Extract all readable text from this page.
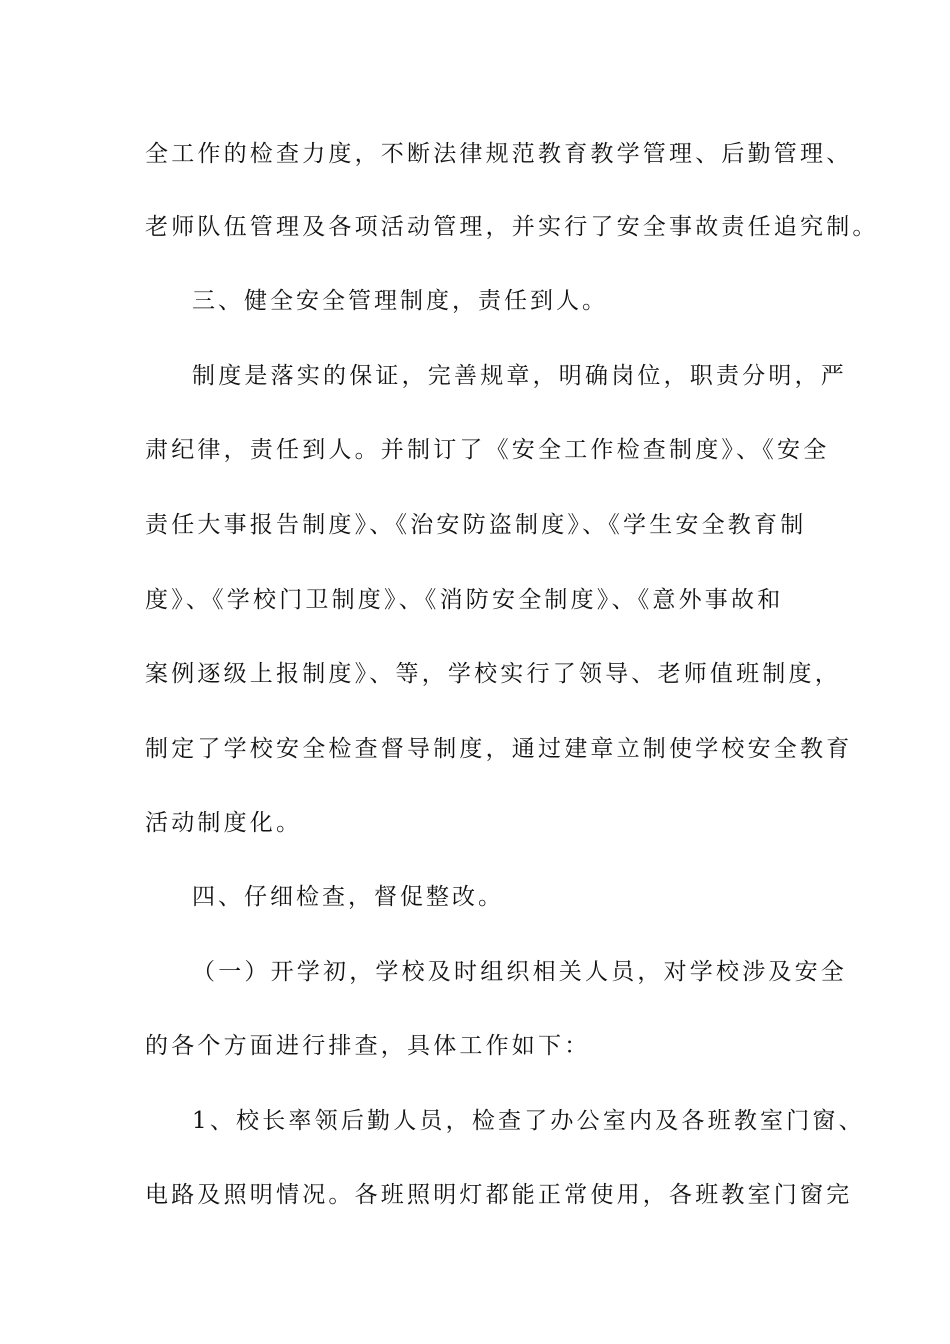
全工作的检查力度，不断法律规范教育教学管理、后勤管理、
老师队伍管理及各项活动管理，并实行了安全事故责任追究制。
三、健全安全管理制度，责任到人。
制度是落实的保证，完善规章，明确岗位，职责分明，严
肃纪律，责任到人。并制订了《安全工作检查制度》、《安全
责任大事报告制度》、《治安防盗制度》、《学生安全教育制
度》、《学校门卫制度》、《消防安全制度》、《意外事故和
案例逐级上报制度》、等，学校实行了领导、老师值班制度，
制定了学校安全检查督导制度，通过建章立制使学校安全教育
活动制度化。
四、仔细检查，督促整改。
（一）开学初，学校及时组织相关人员，对学校涉及安全
的各个方面进行排查，具体工作如下：
1、校长率领后勤人员，检查了办公室内及各班教室门窗、
电路及照明情况。各班照明灯都能正常使用，各班教室门窗完
